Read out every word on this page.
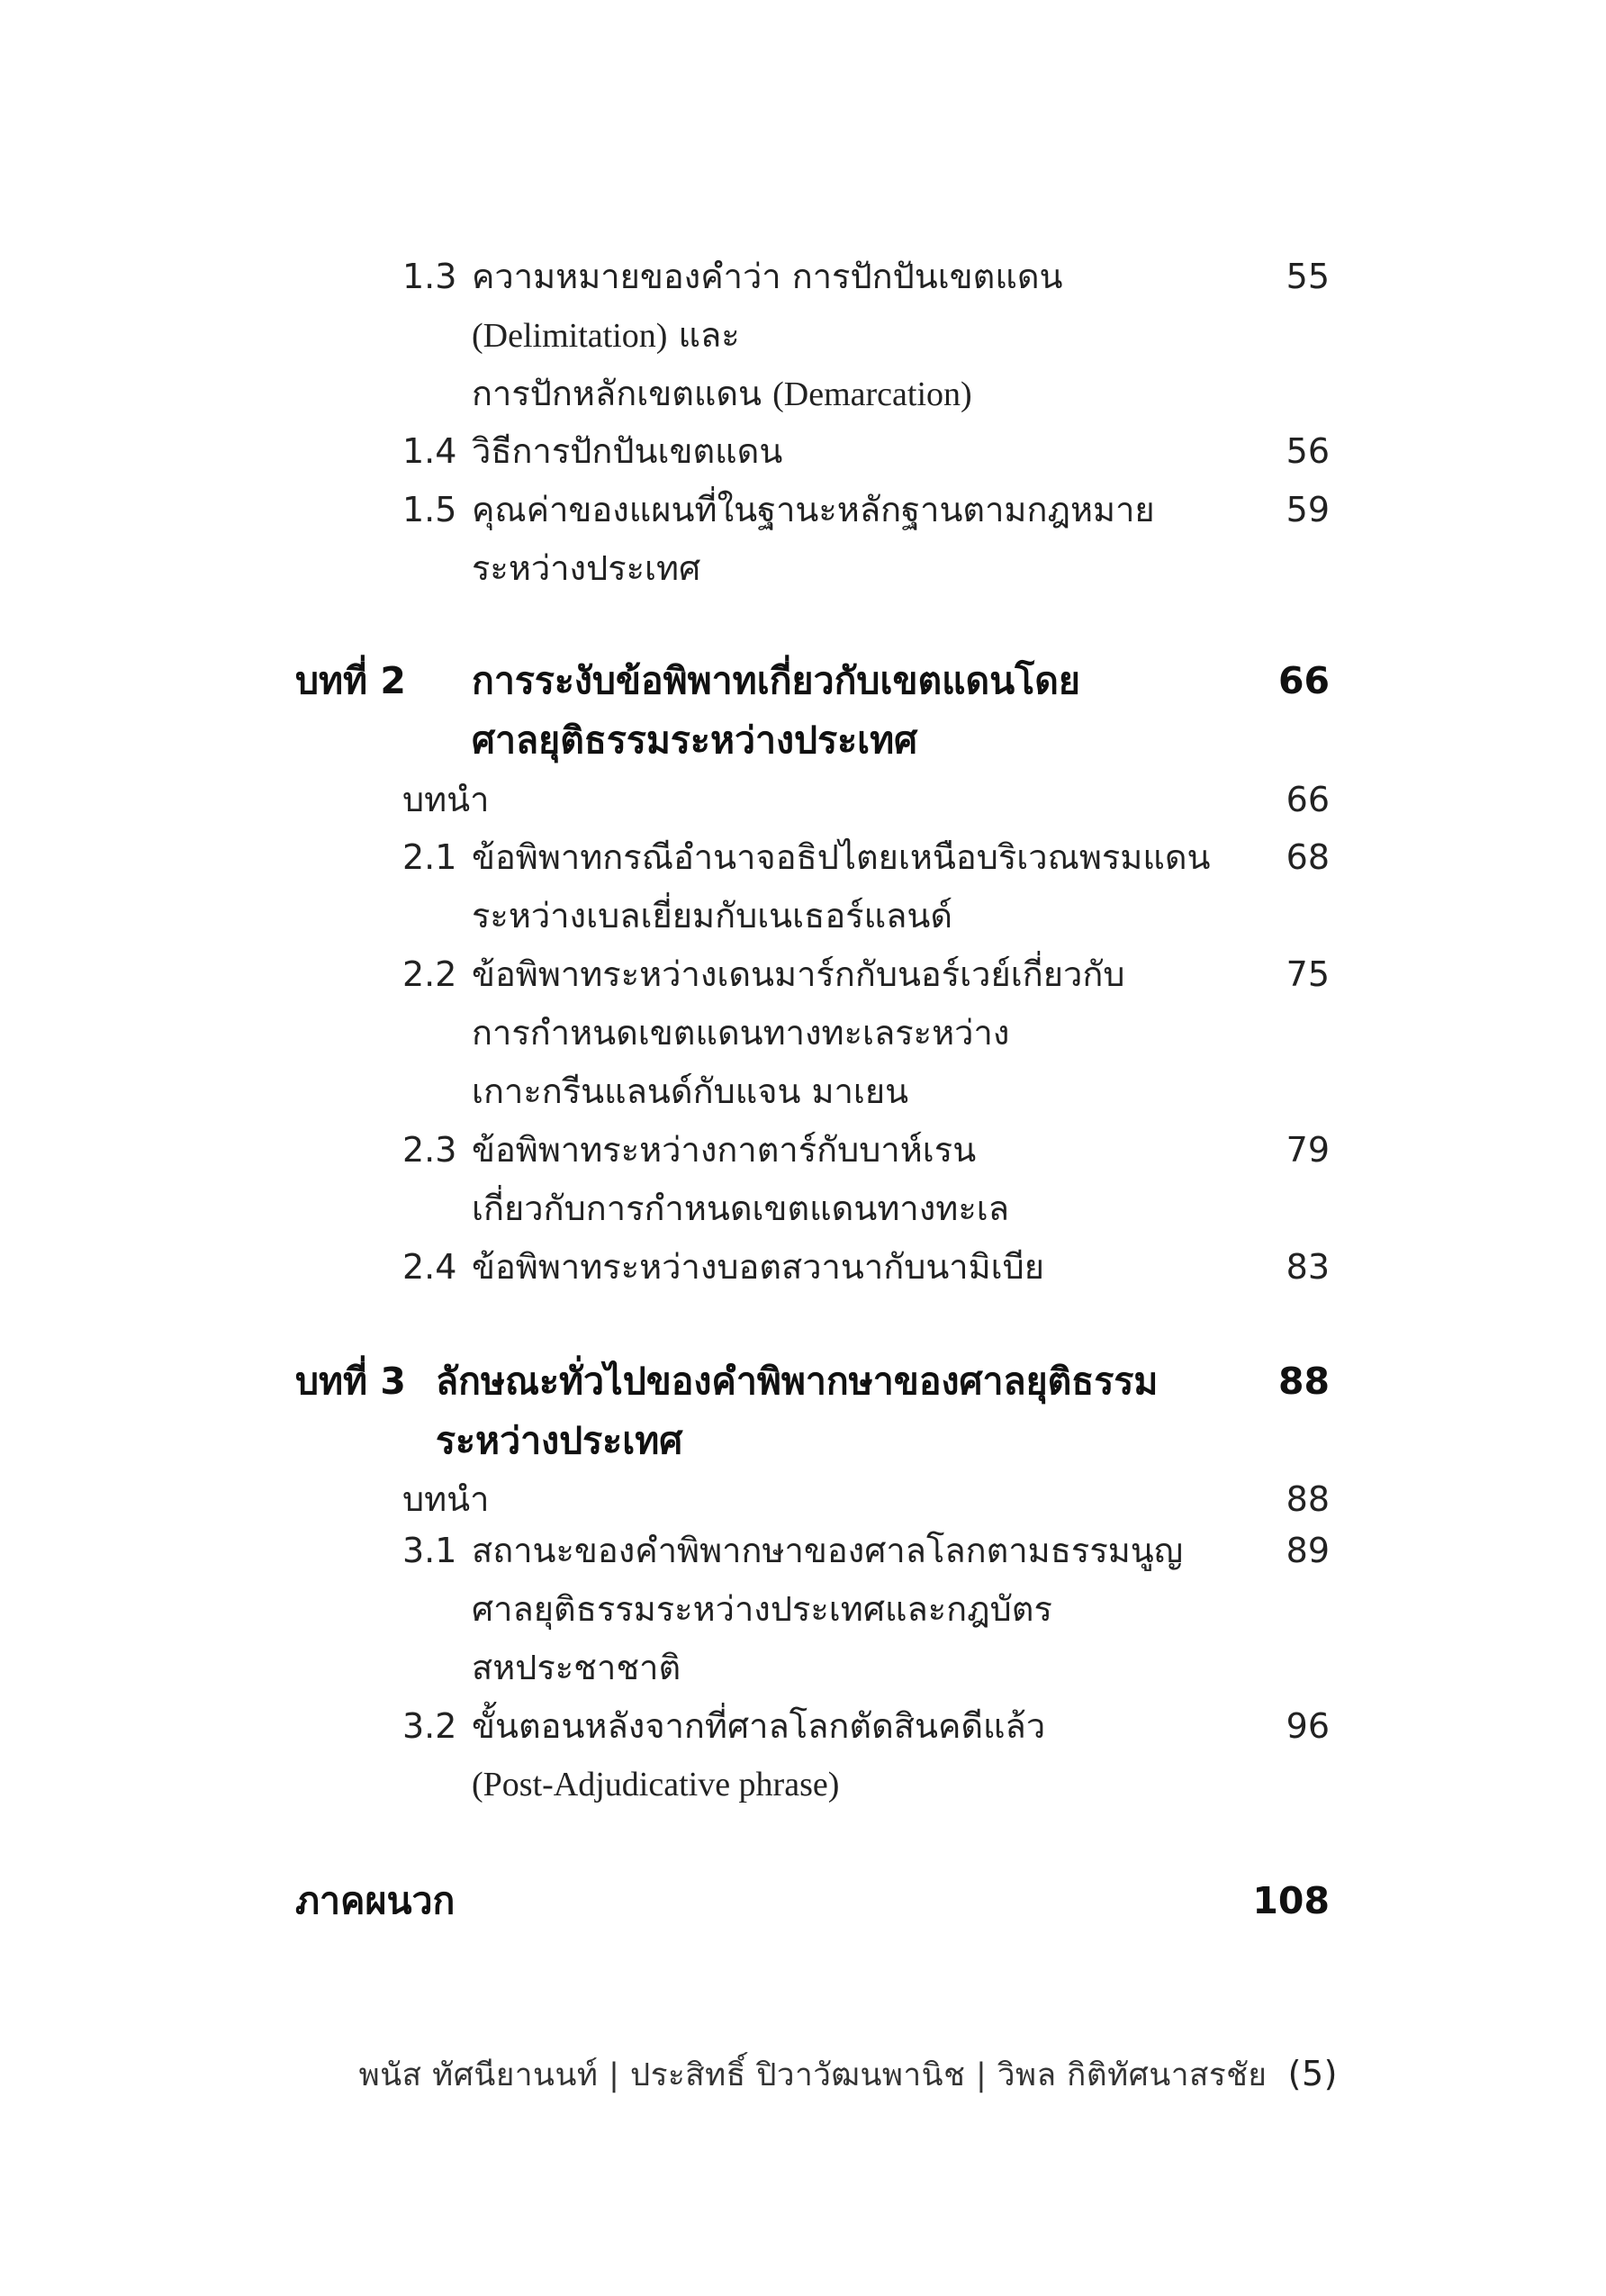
1.3 ความหมายของคำว่า การปักปันเขตแดน	55
(Delimitation) และ
การปักหลักเขตแดน (Demarcation)
1.4 วิธีการปักปันเขตแดน	56
1.5 คุณค่าของแผนที่ในฐานะหลักฐานตามกฎหมาย	59
ระหว่างประเทศ
บทที่ 2 การระงับข้อพิพาทเกี่ยวกับเขตแดนโดย	66
ศาลยุติธรรมระหว่างประเทศ
บทนำ	66
2.1 ข้อพิพาทกรณีอำนาจอธิปไตยเหนือบริเวณพรมแดน 68
ระหว่างเบลเยี่ยมกับเนเธอร์แลนด์
2.2 ข้อพิพาทระหว่างเดนมาร์กกับนอร์เวย์เกี่ยวกับ	75
การกำหนดเขตแดนทางทะเลระหว่าง
เกาะกรีนแลนด์กับแจน มาเยน
2.3 ข้อพิพาทระหว่างกาตาร์กับบาห์เรน	79
เกี่ยวกับการกำหนดเขตแดนทางทะเล
2.4 ข้อพิพาทระหว่างบอตสวานากับนามิเบีย	83
บทที่ 3 ลักษณะทั่วไปของคำพิพากษาของศาลยุติธรรม	88
ระหว่างประเทศ
บทนำ	88
3.1 สถานะของคำพิพากษาของศาลโลกตามธรรมนูญ	89
ศาลยุติธรรมระหว่างประเทศและกฎบัตร
สหประชาชาติ
3.2 ขั้นตอนหลังจากที่ศาลโลกตัดสินคดีแล้ว	96
(Post-Adjudicative phrase)
ภาคผนวก	108
พนัส ทัศนียานนท์ | ประสิทธิ์ ปิวาวัฒนพานิช | วิพล กิติทัศนาสรชัย (5)
